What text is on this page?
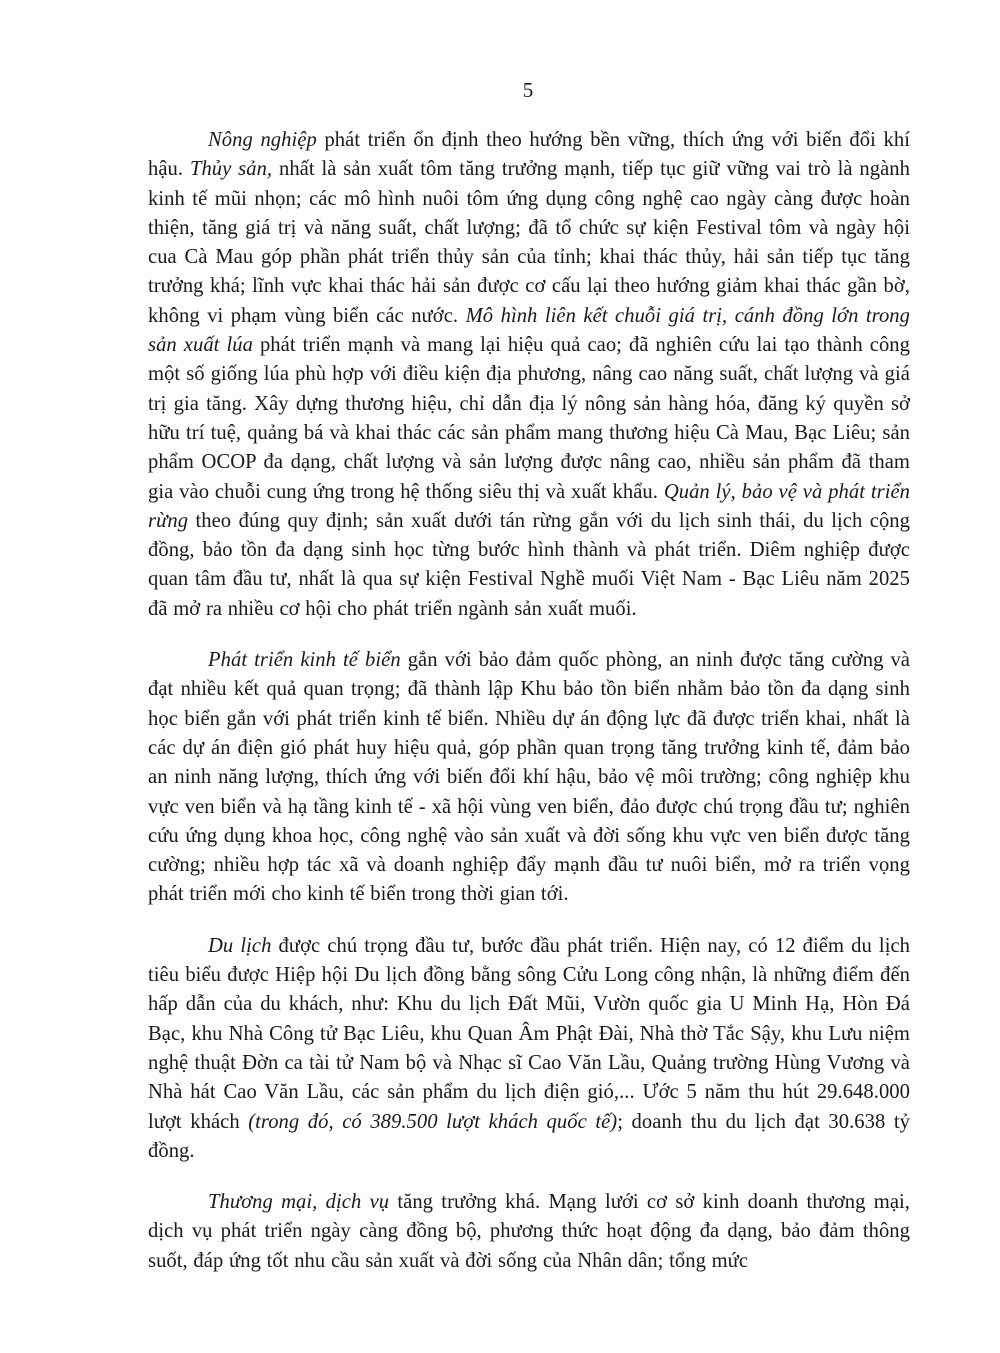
5

Nông nghiệp phát triển ổn định theo hướng bền vững, thích ứng với biến đổi khí hậu. Thủy sản, nhất là sản xuất tôm tăng trưởng mạnh, tiếp tục giữ vững vai trò là ngành kinh tế mũi nhọn; các mô hình nuôi tôm ứng dụng công nghệ cao ngày càng được hoàn thiện, tăng giá trị và năng suất, chất lượng; đã tổ chức sự kiện Festival tôm và ngày hội cua Cà Mau góp phần phát triển thủy sản của tỉnh; khai thác thủy, hải sản tiếp tục tăng trưởng khá; lĩnh vực khai thác hải sản được cơ cấu lại theo hướng giảm khai thác gần bờ, không vi phạm vùng biển các nước. Mô hình liên kết chuỗi giá trị, cánh đồng lớn trong sản xuất lúa phát triển mạnh và mang lại hiệu quả cao; đã nghiên cứu lai tạo thành công một số giống lúa phù hợp với điều kiện địa phương, nâng cao năng suất, chất lượng và giá trị gia tăng. Xây dựng thương hiệu, chỉ dẫn địa lý nông sản hàng hóa, đăng ký quyền sở hữu trí tuệ, quảng bá và khai thác các sản phẩm mang thương hiệu Cà Mau, Bạc Liêu; sản phẩm OCOP đa dạng, chất lượng và sản lượng được nâng cao, nhiều sản phẩm đã tham gia vào chuỗi cung ứng trong hệ thống siêu thị và xuất khẩu. Quản lý, bảo vệ và phát triển rừng theo đúng quy định; sản xuất dưới tán rừng gắn với du lịch sinh thái, du lịch cộng đồng, bảo tồn đa dạng sinh học từng bước hình thành và phát triển. Diêm nghiệp được quan tâm đầu tư, nhất là qua sự kiện Festival Nghề muối Việt Nam - Bạc Liêu năm 2025 đã mở ra nhiều cơ hội cho phát triển ngành sản xuất muối.

Phát triển kinh tế biển gắn với bảo đảm quốc phòng, an ninh được tăng cường và đạt nhiều kết quả quan trọng; đã thành lập Khu bảo tồn biển nhằm bảo tồn đa dạng sinh học biển gắn với phát triển kinh tế biển. Nhiều dự án động lực đã được triển khai, nhất là các dự án điện gió phát huy hiệu quả, góp phần quan trọng tăng trưởng kinh tế, đảm bảo an ninh năng lượng, thích ứng với biến đổi khí hậu, bảo vệ môi trường; công nghiệp khu vực ven biển và hạ tầng kinh tế - xã hội vùng ven biển, đảo được chú trọng đầu tư; nghiên cứu ứng dụng khoa học, công nghệ vào sản xuất và đời sống khu vực ven biển được tăng cường; nhiều hợp tác xã và doanh nghiệp đẩy mạnh đầu tư nuôi biển, mở ra triển vọng phát triển mới cho kinh tế biển trong thời gian tới.

Du lịch được chú trọng đầu tư, bước đầu phát triển. Hiện nay, có 12 điểm du lịch tiêu biểu được Hiệp hội Du lịch đồng bằng sông Cửu Long công nhận, là những điểm đến hấp dẫn của du khách, như: Khu du lịch Đất Mũi, Vườn quốc gia U Minh Hạ, Hòn Đá Bạc, khu Nhà Công tử Bạc Liêu, khu Quan Âm Phật Đài, Nhà thờ Tắc Sậy, khu Lưu niệm nghệ thuật Đờn ca tài tử Nam bộ và Nhạc sĩ Cao Văn Lầu, Quảng trường Hùng Vương và Nhà hát Cao Văn Lầu, các sản phẩm du lịch điện gió,... Ước 5 năm thu hút 29.648.000 lượt khách (trong đó, có 389.500 lượt khách quốc tế); doanh thu du lịch đạt 30.638 tỷ đồng.

Thương mại, dịch vụ tăng trưởng khá. Mạng lưới cơ sở kinh doanh thương mại, dịch vụ phát triển ngày càng đồng bộ, phương thức hoạt động đa dạng, bảo đảm thông suốt, đáp ứng tốt nhu cầu sản xuất và đời sống của Nhân dân; tổng mức
